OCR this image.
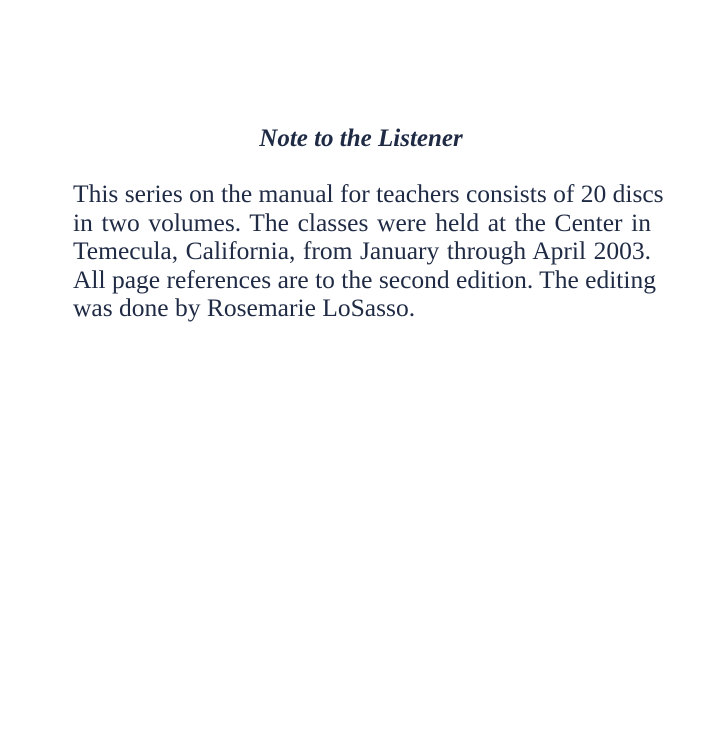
Note to the Listener

This series on the manual for teachers consists of 20 discs
in two volumes. The classes were held at the Center in
Temecula, California, from January through April 2003.
All page references are to the second edition. The editing
was done by Rosemarie LoSasso.
